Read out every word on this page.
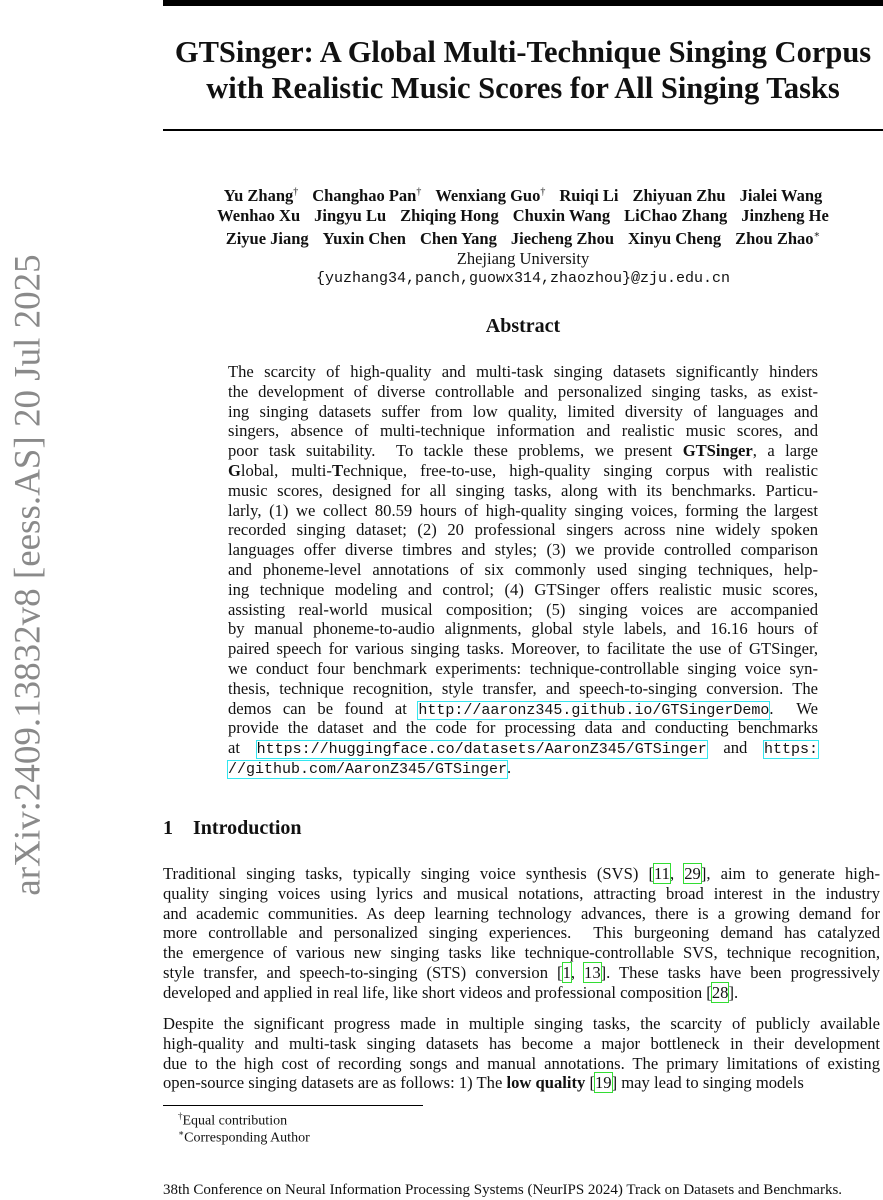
arXiv:2409.13832v8 [eess.AS] 20 Jul 2025
GTSinger: A Global Multi-Technique Singing Corpus
with Realistic Music Scores for All Singing Tasks
Yu Zhang† Changhao Pan† Wenxiang Guo† Ruiqi Li Zhiyuan Zhu Jialei Wang
Wenhao Xu Jingyu Lu Zhiqing Hong Chuxin Wang LiChao Zhang Jinzheng He
Ziyue Jiang Yuxin Chen Chen Yang Jiecheng Zhou Xinyu Cheng Zhou Zhao∗
Zhejiang University
{yuzhang34,panch,guowx314,zhaozhou}@zju.edu.cn
Abstract
The scarcity of high-quality and multi-task singing datasets significantly hinders
the development of diverse controllable and personalized singing tasks, as exist-
ing singing datasets suffer from low quality, limited diversity of languages and
singers, absence of multi-technique information and realistic music scores, and
poor task suitability.  To tackle these problems, we present GTSinger, a large
Global, multi-Technique, free-to-use, high-quality singing corpus with realistic
music scores, designed for all singing tasks, along with its benchmarks. Particu-
larly, (1) we collect 80.59 hours of high-quality singing voices, forming the largest
recorded singing dataset; (2) 20 professional singers across nine widely spoken
languages offer diverse timbres and styles; (3) we provide controlled comparison
and phoneme-level annotations of six commonly used singing techniques, help-
ing technique modeling and control; (4) GTSinger offers realistic music scores,
assisting real-world musical composition; (5) singing voices are accompanied
by manual phoneme-to-audio alignments, global style labels, and 16.16 hours of
paired speech for various singing tasks. Moreover, to facilitate the use of GTSinger,
we conduct four benchmark experiments: technique-controllable singing voice syn-
thesis, technique recognition, style transfer, and speech-to-singing conversion. The
demos can be found at http://aaronz345.github.io/GTSingerDemo.  We
provide the dataset and the code for processing data and conducting benchmarks
at https://huggingface.co/datasets/AaronZ345/GTSinger and https:
//github.com/AaronZ345/GTSinger.
1 Introduction
Traditional singing tasks, typically singing voice synthesis (SVS) [11, 29], aim to generate high-
quality singing voices using lyrics and musical notations, attracting broad interest in the industry
and academic communities. As deep learning technology advances, there is a growing demand for
more controllable and personalized singing experiences.  This burgeoning demand has catalyzed
the emergence of various new singing tasks like technique-controllable SVS, technique recognition,
style transfer, and speech-to-singing (STS) conversion [1, 13]. These tasks have been progressively
developed and applied in real life, like short videos and professional composition [28].
Despite the significant progress made in multiple singing tasks, the scarcity of publicly available
high-quality and multi-task singing datasets has become a major bottleneck in their development
due to the high cost of recording songs and manual annotations. The primary limitations of existing
open-source singing datasets are as follows: 1) The low quality [19] may lead to singing models
†Equal contribution
∗Corresponding Author
38th Conference on Neural Information Processing Systems (NeurIPS 2024) Track on Datasets and Benchmarks.
